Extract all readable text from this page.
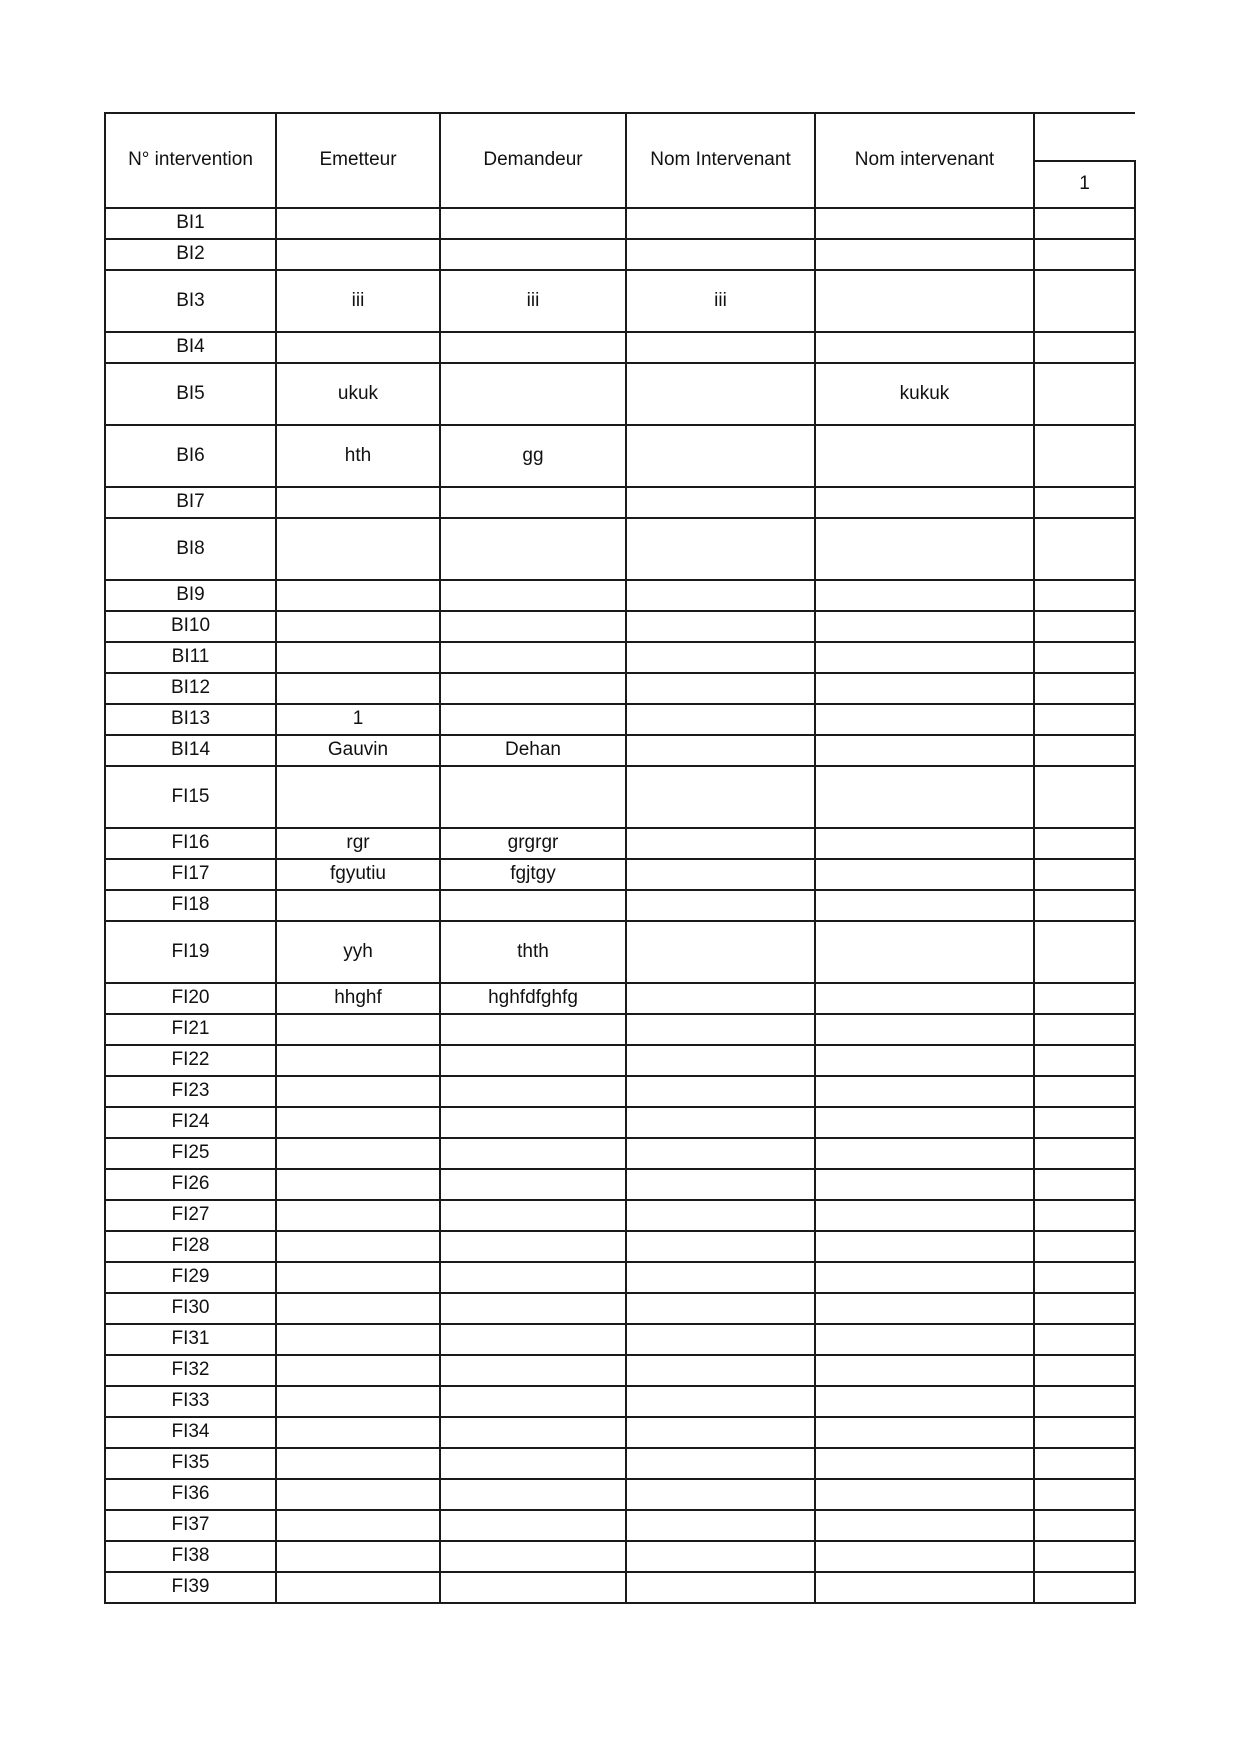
N° intervention	Emetteur	Demandeur	Nom Intervenant	Nom intervenant	
					1
BI1					
BI2					
BI3	iii	iii	iii		
BI4					
BI5	ukuk			kukuk	
BI6	hth	gg			
BI7					
BI8					
BI9					
BI10					
BI11					
BI12					
BI13	1				
BI14	Gauvin	Dehan			
FI15					
FI16	rgr	grgrgr			
FI17	fgyutiu	fgjtgy			
FI18					
FI19	yyh	thth			
FI20	hhghf	hghfdfghfg			
FI21					
FI22					
FI23					
FI24					
FI25					
FI26					
FI27					
FI28					
FI29					
FI30					
FI31					
FI32					
FI33					
FI34					
FI35					
FI36					
FI37					
FI38					
FI39					
